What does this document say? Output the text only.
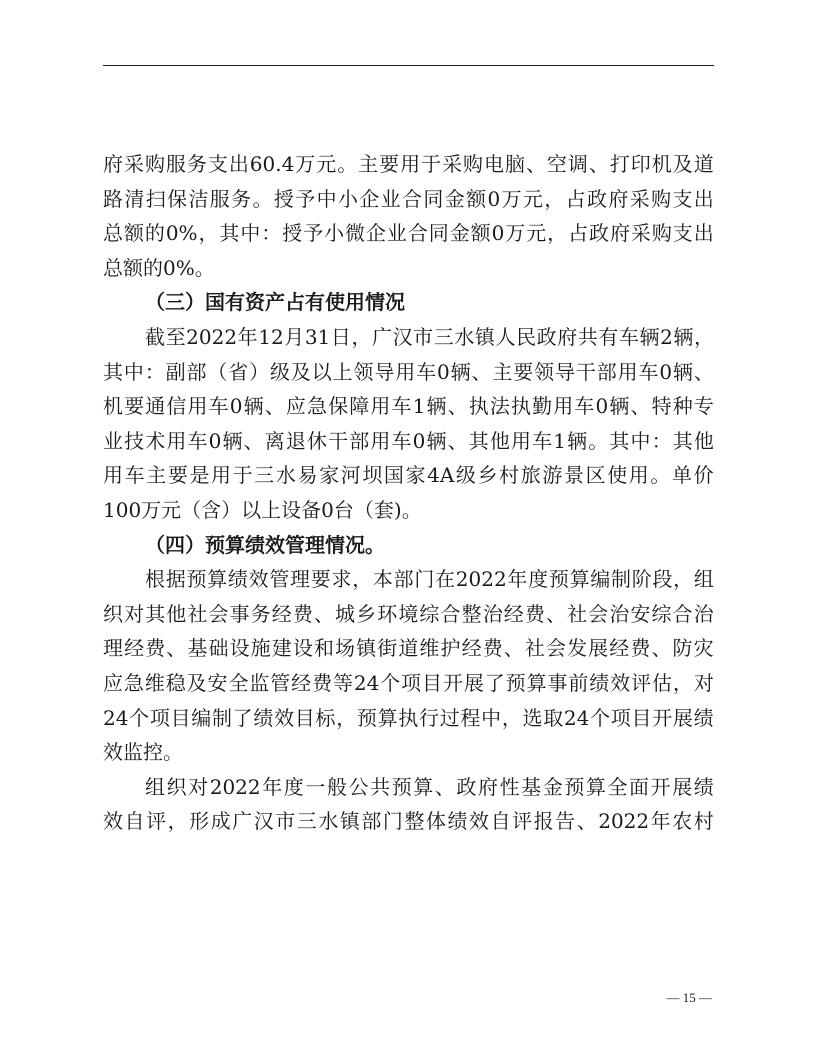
府 采 购 服 务 支 出 60.4 万 元 。 主 要 用 于 采 购 电 脑 、 空 调 、 打 印 机 及 道

路 清 扫 保 洁 服 务 。 授 予 中 小 企 业 合 同 金 额 0 万 元 ， 占 政 府 采 购 支 出

总 额 的 0% ， 其 中 ： 授 予 小 微 企 业 合 同 金 额 0 万 元 ， 占 政 府 采 购 支 出

总额的0%。

（三）国有资产占有使用情况

截 至 2022 年 12 月 31 日 ， 广 汉 市 三 水 镇 人 民 政 府 共 有 车 辆 2 辆 ，

其 中 ： 副 部 （ 省 ） 级 及 以 上 领 导 用 车 0 辆 、 主 要 领 导 干 部 用 车 0 辆 、

机 要 通 信 用 车 0 辆 、 应 急 保 障 用 车 1 辆 、 执 法 执 勤 用 车 0 辆 、 特 种 专

业 技 术 用 车 0 辆 、 离 退 休 干 部 用 车 0 辆 、 其 他 用 车 1 辆 。 其 中 ： 其 他

用 车 主 要 是 用 于 三 水 易 家 河 坝 国 家 4A 级 乡 村 旅 游 景 区 使 用 。 单 价

100万元（含）以上设备0台（套)。

（四）预算绩效管理情况。

根 据 预 算 绩 效 管 理 要 求 ， 本 部 门 在 2022 年 度 预 算 编 制 阶 段 ， 组

织 对 其 他 社 会 事 务 经 费 、 城 乡 环 境 综 合 整 治 经 费 、 社 会 治 安 综 合 治

理 经 费 、 基 础 设 施 建 设 和 场 镇 街 道 维 护 经 费 、 社 会 发 展 经 费 、 防 灾

应 急 维 稳 及 安 全 监 管 经 费 等 24 个 项 目 开 展 了 预 算 事 前 绩 效 评 估 ， 对

24 个 项 目 编 制 了 绩 效 目 标 ， 预 算 执 行 过 程 中 ， 选 取 24 个 项 目 开 展 绩

效监控。

组 织 对 2022 年 度 一 般 公 共 预 算 、 政 府 性 基 金 预 算 全 面 开 展 绩

效 自 评 ， 形 成 广 汉 市 三 水 镇 部 门 整 体 绩 效 自 评 报 告 、 2022 年 农 村

— 15 —
